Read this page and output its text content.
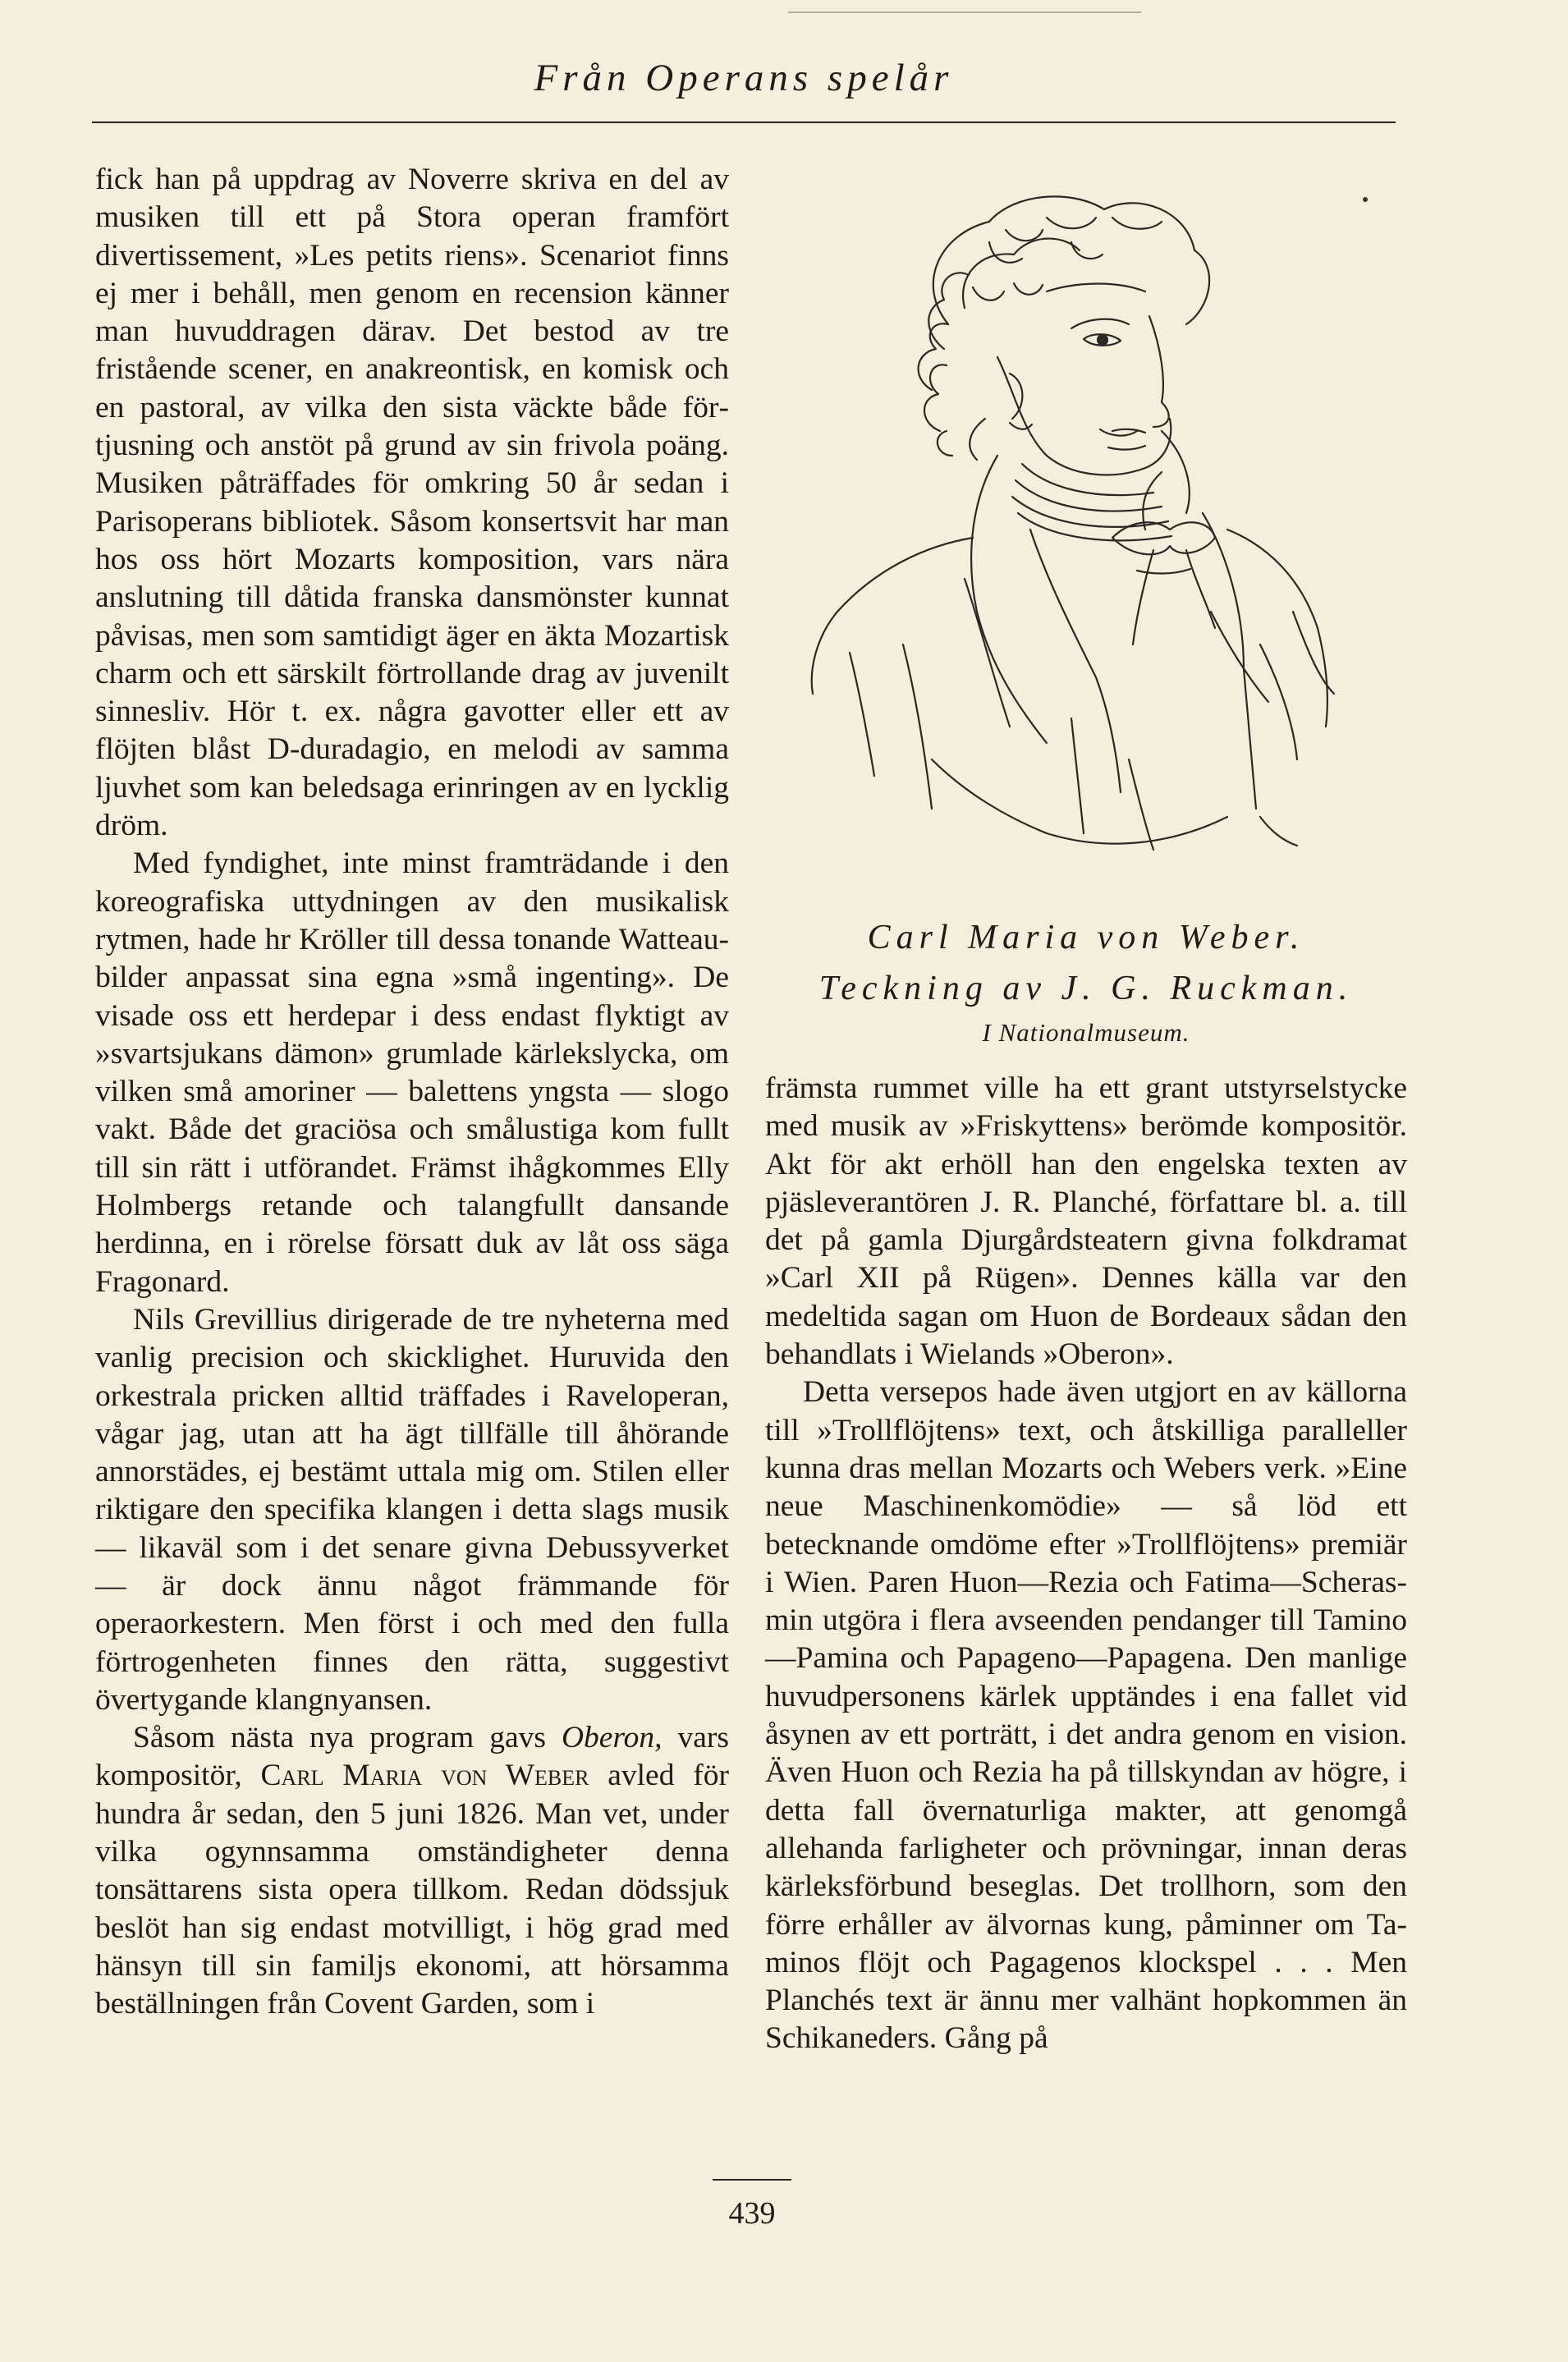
Från Operans spelår

fick han på uppdrag av Noverre skriva en del av musiken till ett på Stora operan framfört divertissement, »Les petits riens». Scenariot finns ej mer i behåll, men genom en recension känner man huvuddragen därav. Det bestod av tre fristående scener, en anakreontisk, en komisk och en pastoral, av vilka den sista väckte både förtjusning och anstöt på grund av sin frivola poäng. Musiken påträffades för omkring 50 år sedan i Parisoperans bibliotek. Såsom konsertsvit har man hos oss hört Mozarts komposition, vars nära anslutning till dåtida franska dansmönster kunnat påvisas, men som samtidigt äger en äkta Mozartisk charm och ett särskilt förtrollande drag av juvenilt sinnesliv. Hör t. ex. några gavotter eller ett av flöjten blåst D-duradagio, en melodi av samma ljuvhet som kan beledsaga erinringen av en lycklig dröm.

Med fyndighet, inte minst framträdande i den koreografiska uttydningen av den musikalisk rytmen, hade hr Kröller till dessa tonande Watteau-bilder anpassat sina egna »små ingenting». De visade oss ett herdepar i dess endast flyktigt av »svartsjukans dämon» grumlade kärlekslycka, om vilken små amoriner — balettens yngsta — slogo vakt. Både det graciösa och smålustiga kom fullt till sin rätt i utförandet. Främst ihågkommes Elly Holmbergs retande och talangfullt dansande herdinna, en i rörelse försatt duk av låt oss säga Fragonard.

Nils Grevillius dirigerade de tre nyheterna med vanlig precision och skicklighet. Huruvida den orkestrala pricken alltid träffades i Raveloperan, vågar jag, utan att ha ägt tillfälle till åhörande annorstädes, ej bestämt uttala mig om. Stilen eller riktigare den specifika klangen i detta slags musik — likaväl som i det senare givna Debussyverket — är dock ännu något främmande för operaorkestern. Men först i och med den fulla förtrogenheten finnes den rätta, suggestivt övertygande klangnyansen.

Såsom nästa nya program gavs Oberon, vars kompositör, Carl Maria von Weber avled för hundra år sedan, den 5 juni 1826. Man vet, under vilka ogynnsamma omständigheter denna tonsättarens sista opera tillkom. Redan dödssjuk beslöt han sig endast motvilligt, i hög grad med hänsyn till sin familjs ekonomi, att hörsamma beställningen från Covent Garden, som i

Carl Maria von Weber.
Teckning av J. G. Ruckman.
I Nationalmuseum.

främsta rummet ville ha ett grant utstyrselstycke med musik av »Friskyttens» berömde kompositör. Akt för akt erhöll han den engelska texten av pjäsleverantören J. R. Planché, författare bl. a. till det på gamla Djurgårdsteatern givna folkdramat »Carl XII på Rügen». Dennes källa var den medeltida sagan om Huon de Bordeaux sådan den behandlats i Wielands »Oberon».

Detta versepos hade även utgjort en av källorna till »Trollflöjtens» text, och åtskilliga paralleller kunna dras mellan Mozarts och Webers verk. »Eine neue Maschinenkomödie» — så löd ett betecknande omdöme efter »Trollflöjtens» premiär i Wien. Paren Huon—Rezia och Fatima—Scherasmin utgöra i flera avseenden pendanger till Tamino—Pamina och Papageno—Papagena. Den manlige huvudpersonens kärlek upptändes i ena fallet vid åsynen av ett porträtt, i det andra genom en vision. Även Huon och Rezia ha på tillskyndan av högre, i detta fall övernaturliga makter, att genomgå allehanda farligheter och prövningar, innan deras kärleksförbund beseglas. Det trollhorn, som den förre erhåller av älvornas kung, påminner om Taminos flöjt och Pagagenos klockspel . . . Men Planchés text är ännu mer valhänt hopkommen än Schikaneders. Gång på

439
